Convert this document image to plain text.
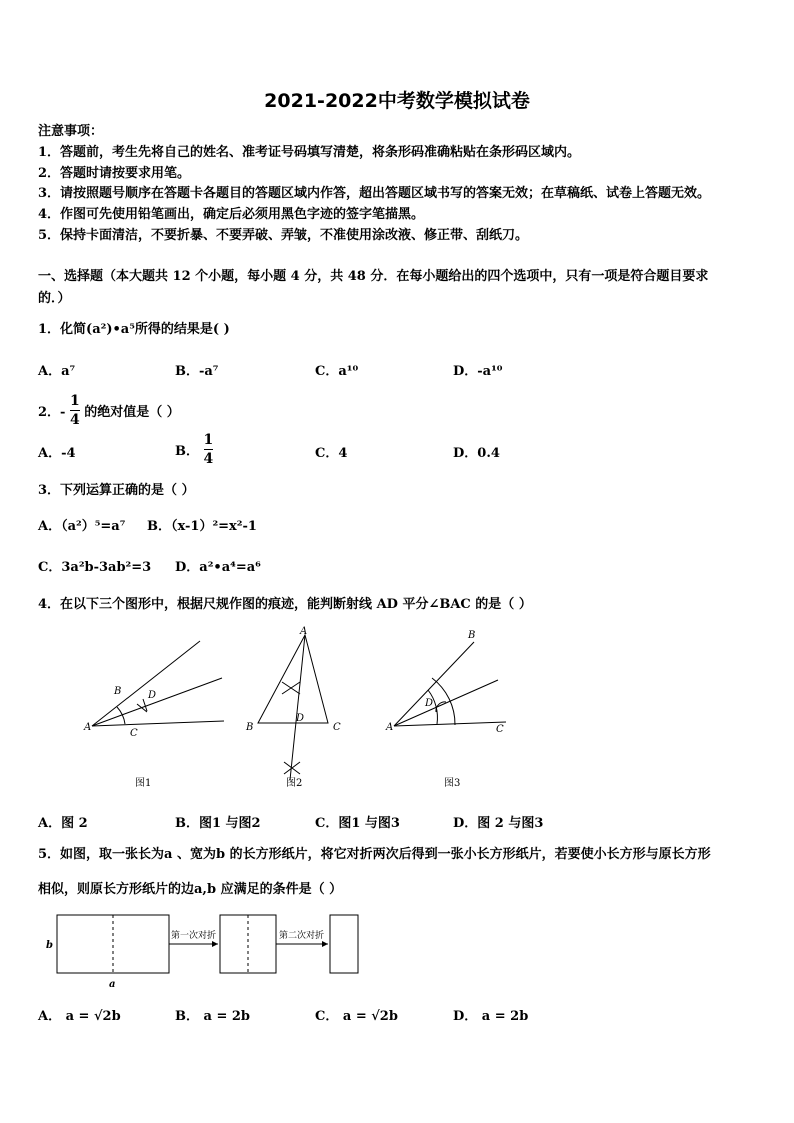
2021-2022中考数学模拟试卷
注意事项：
1．答题前，考生先将自己的姓名、准考证号码填写清楚，将条形码准确粘贴在条形码区域内。
2．答题时请按要求用笔。
3．请按照题号顺序在答题卡各题目的答题区域内作答，超出答题区域书写的答案无效；在草稿纸、试卷上答题无效。
4．作图可先使用铅笔画出，确定后必须用黑色字迹的签字笔描黑。
5．保持卡面清洁，不要折暴、不要弄破、弄皱，不准使用涂改液、修正带、刮纸刀。
一、选择题（本大题共 12 个小题，每小题 4 分，共 48 分．在每小题给出的四个选项中，只有一项是符合题目要求
的．）
1．化简(a²)•a⁵所得的结果是( )
A．a⁷	B．-a⁷	C．a¹⁰	D．-a¹⁰
2．- $\frac{1}{4}$ 的绝对值是（ ）
A．-4	B． $\frac{1}{4}$	C．4	D．0.4
3．下列运算正确的是（ ）
A．（a²）⁵=a⁷ B．（x-1）²=x²-1
C．3a²b-3ab²=3 D．a²•a⁴=a⁶
4．在以下三个图形中，根据尺规作图的痕迹，能判断射线 AD 平分∠BAC 的是（ ）
A
B	D
C
A
B
D
C	A
B
D
C
图1	图2	图3
A．图 2	B．图1 与图2	C．图1 与图3	D．图 2 与图3
5．如图，取一张长为a 、宽为b 的长方形纸片，将它对折两次后得到一张小长方形纸片，若要使小长方形与原长方形
相似，则原长方形纸片的边a,b 应满足的条件是（ ）
第一次对折	第二次对折
b
a
A． a = √2b	B． a = 2b	C． a = √2b	D． a = 2b
